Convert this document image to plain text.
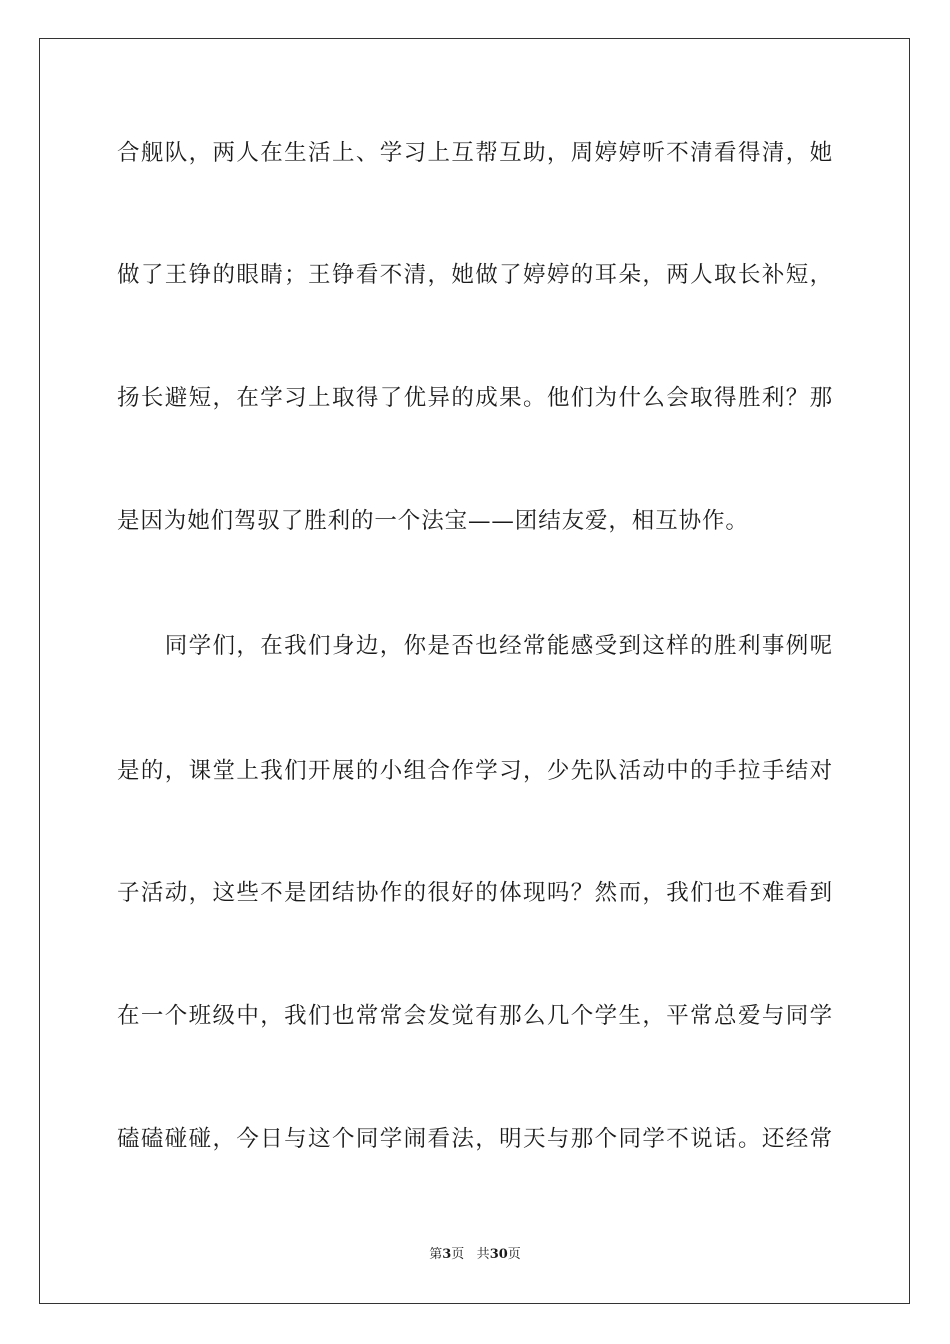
合舰队，两人在生活上、学习上互帮互助，周婷婷听不清看得清，她
做了王铮的眼睛；王铮看不清，她做了婷婷的耳朵，两人取长补短，
扬长避短，在学习上取得了优异的成果。他们为什么会取得胜利？那
是因为她们驾驭了胜利的一个法宝——团结友爱，相互协作。
　　同学们，在我们身边，你是否也经常能感受到这样的胜利事例呢
是的，课堂上我们开展的小组合作学习，少先队活动中的手拉手结对
子活动，这些不是团结协作的很好的体现吗？然而，我们也不难看到
在一个班级中，我们也常常会发觉有那么几个学生，平常总爱与同学
磕磕碰碰，今日与这个同学闹看法，明天与那个同学不说话。还经常
第3页 共30页
